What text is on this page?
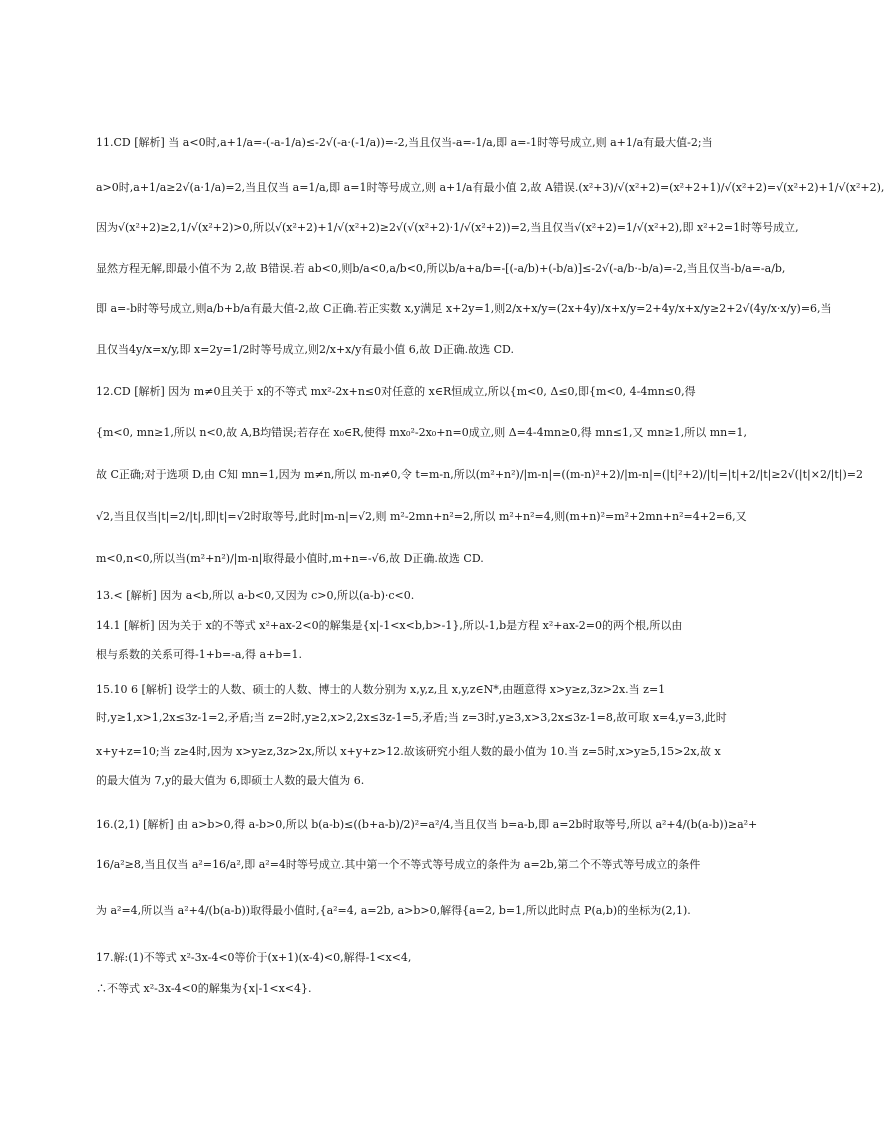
11.CD [解析] 当 a<0时,a+1/a=-(-a-1/a)≤-2√(-a·(-1/a))=-2,当且仅当-a=-1/a,即 a=-1时等号成立,则 a+1/a有最大值-2;当
a>0时,a+1/a≥2√(a·1/a)=2,当且仅当 a=1/a,即 a=1时等号成立,则 a+1/a有最小值 2,故 A错误.(x²+3)/√(x²+2)=(x²+2+1)/√(x²+2)=√(x²+2)+1/√(x²+2),
因为√(x²+2)≥2,1/√(x²+2)>0,所以√(x²+2)+1/√(x²+2)≥2√(√(x²+2)·1/√(x²+2))=2,当且仅当√(x²+2)=1/√(x²+2),即 x²+2=1时等号成立,
显然方程无解,即最小值不为 2,故 B错误.若 ab<0,则b/a<0,a/b<0,所以b/a+a/b=-[(-a/b)+(-b/a)]≤-2√(-a/b·-b/a)=-2,当且仅当-b/a=-a/b,
即 a=-b时等号成立,则a/b+b/a有最大值-2,故 C正确.若正实数 x,y满足 x+2y=1,则2/x+x/y=(2x+4y)/x+x/y=2+4y/x+x/y≥2+2√(4y/x·x/y)=6,当
且仅当4y/x=x/y,即 x=2y=1/2时等号成立,则2/x+x/y有最小值 6,故 D正确.故选 CD.
12.CD [解析] 因为 m≠0且关于 x的不等式 mx²-2x+n≤0对任意的 x∈R恒成立,所以{m<0, Δ≤0,即{m<0, 4-4mn≤0,得
{m<0, mn≥1,所以 n<0,故 A,B均错误;若存在 x₀∈R,使得 mx₀²-2x₀+n=0成立,则 Δ=4-4mn≥0,得 mn≤1,又 mn≥1,所以 mn=1,
故 C正确;对于选项 D,由 C知 mn=1,因为 m≠n,所以 m-n≠0,令 t=m-n,所以(m²+n²)/|m-n|=((m-n)²+2)/|m-n|=(|t|²+2)/|t|=|t|+2/|t|≥2√(|t|×2/|t|)=2
√2,当且仅当|t|=2/|t|,即|t|=√2时取等号,此时|m-n|=√2,则 m²-2mn+n²=2,所以 m²+n²=4,则(m+n)²=m²+2mn+n²=4+2=6,又
m<0,n<0,所以当(m²+n²)/|m-n|取得最小值时,m+n=-√6,故 D正确.故选 CD.
13.< [解析] 因为 a<b,所以 a-b<0,又因为 c>0,所以(a-b)·c<0.
14.1 [解析] 因为关于 x的不等式 x²+ax-2<0的解集是{x|-1<x<b,b>-1},所以-1,b是方程 x²+ax-2=0的两个根,所以由
根与系数的关系可得-1+b=-a,得 a+b=1.
15.10 6 [解析] 设学士的人数、硕士的人数、博士的人数分别为 x,y,z,且 x,y,z∈N*,由题意得 x>y≥z,3z>2x.当 z=1
时,y≥1,x>1,2x≤3z-1=2,矛盾;当 z=2时,y≥2,x>2,2x≤3z-1=5,矛盾;当 z=3时,y≥3,x>3,2x≤3z-1=8,故可取 x=4,y=3,此时
x+y+z=10;当 z≥4时,因为 x>y≥z,3z>2x,所以 x+y+z>12.故该研究小组人数的最小值为 10.当 z=5时,x>y≥5,15>2x,故 x
的最大值为 7,y的最大值为 6,即硕士人数的最大值为 6.
16.(2,1) [解析] 由 a>b>0,得 a-b>0,所以 b(a-b)≤((b+a-b)/2)²=a²/4,当且仅当 b=a-b,即 a=2b时取等号,所以 a²+4/(b(a-b))≥a²+
16/a²≥8,当且仅当 a²=16/a²,即 a²=4时等号成立.其中第一个不等式等号成立的条件为 a=2b,第二个不等式等号成立的条件
为 a²=4,所以当 a²+4/(b(a-b))取得最小值时,{a²=4, a=2b, a>b>0,解得{a=2, b=1,所以此时点 P(a,b)的坐标为(2,1).
17.解:(1)不等式 x²-3x-4<0等价于(x+1)(x-4)<0,解得-1<x<4,
∴不等式 x²-3x-4<0的解集为{x|-1<x<4}.
